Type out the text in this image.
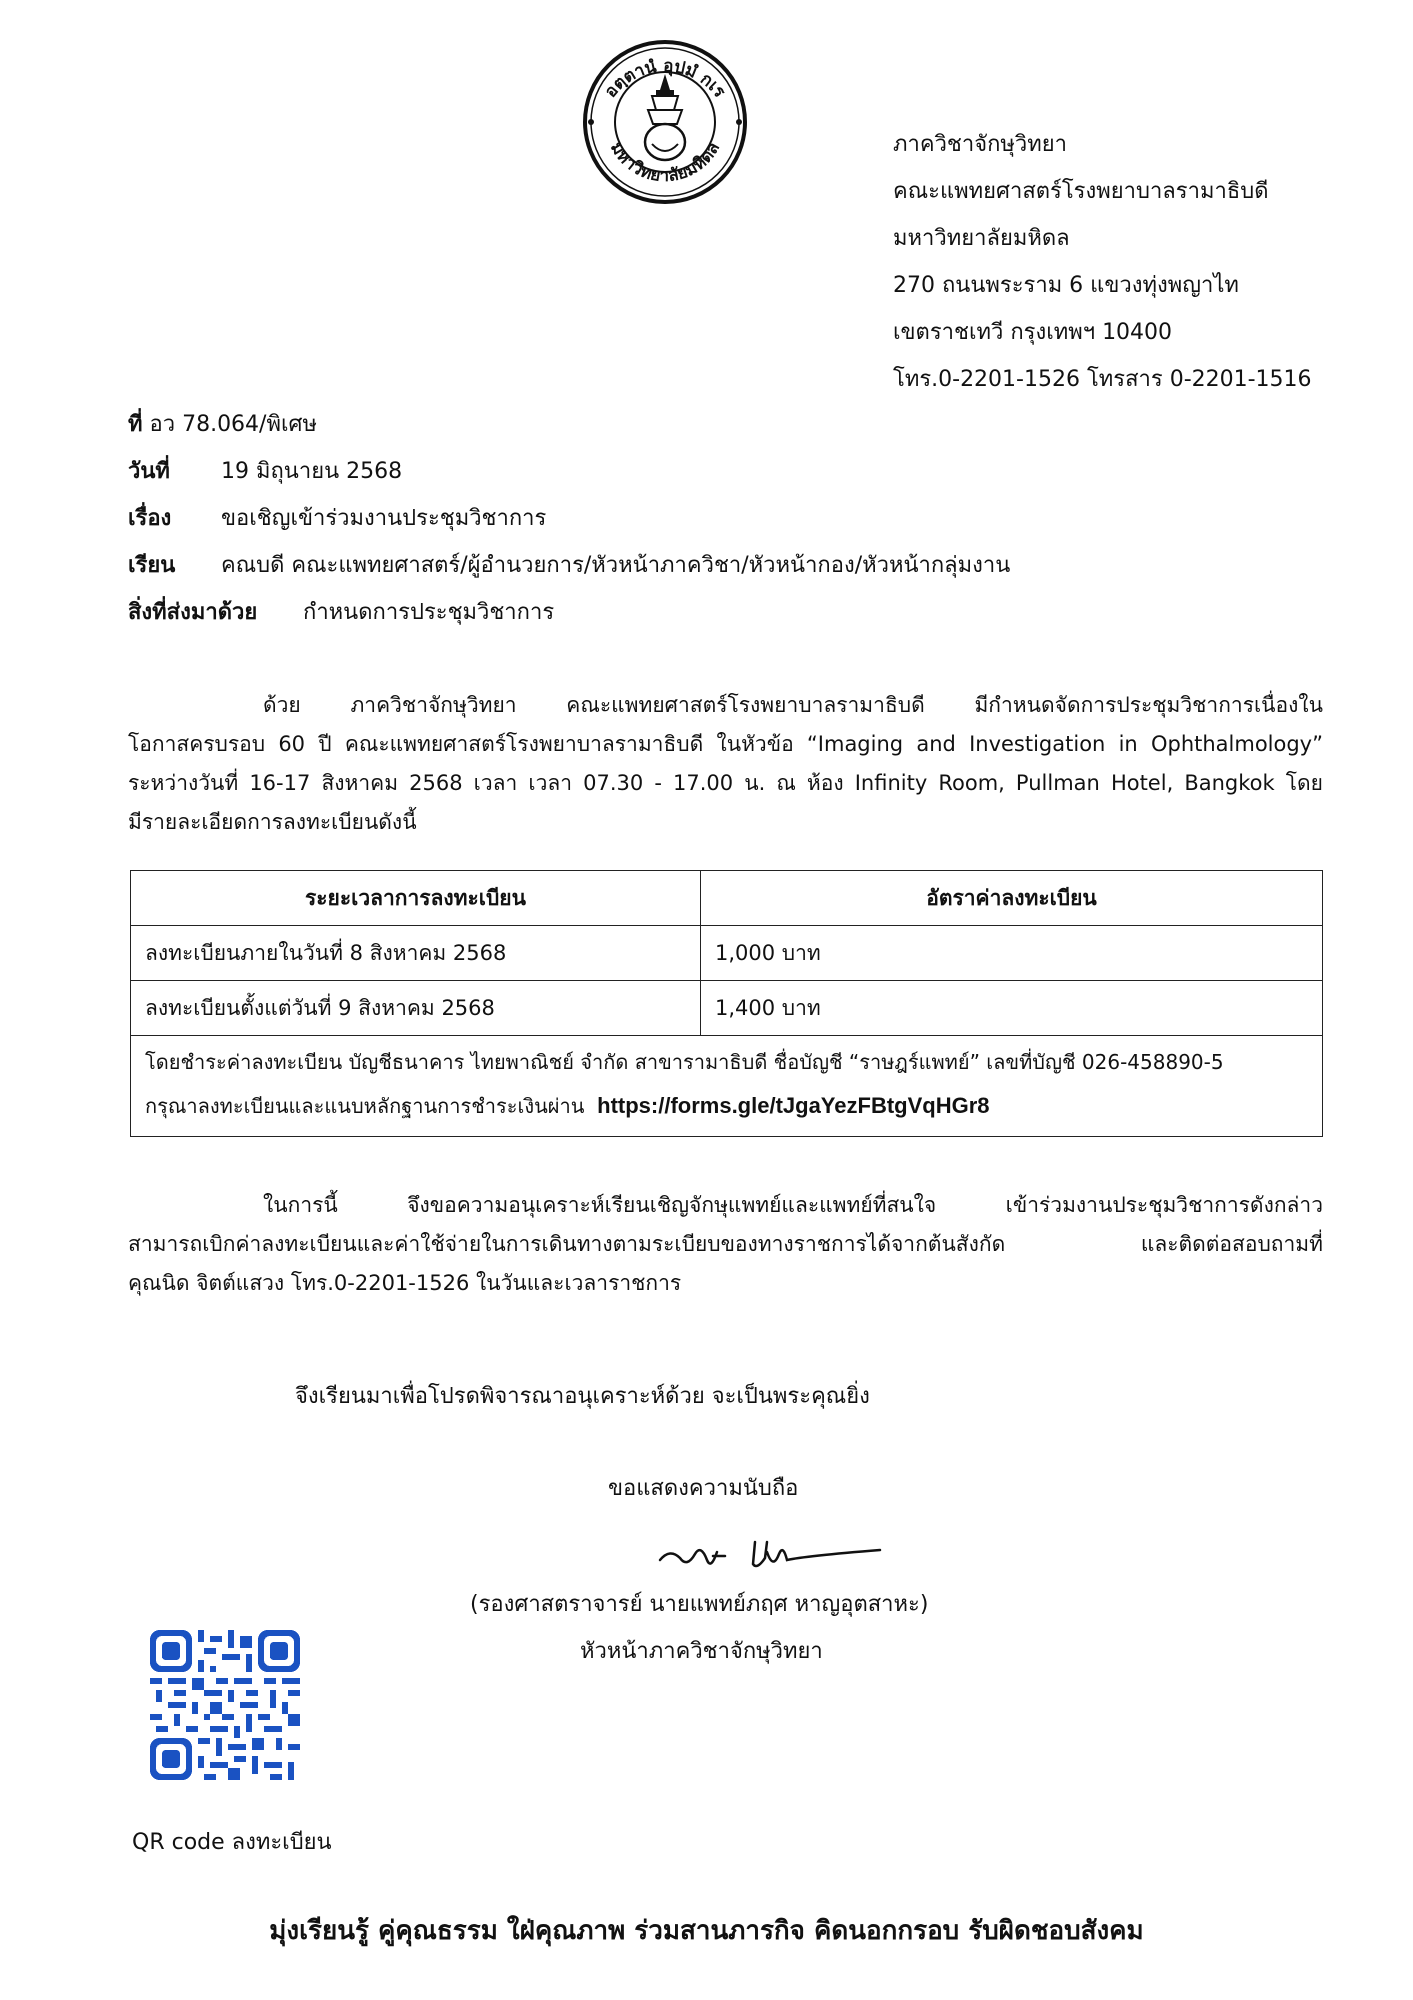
อตฺตานํ อุปมํ กเร
มหาวิทยาลัยมหิดล	ภาควิชาจักษุวิทยา
คณะแพทยศาสตร์โรงพยาบาลรามาธิบดี
มหาวิทยาลัยมหิดล
270 ถนนพระราม 6 แขวงทุ่งพญาไท
เขตราชเทวี กรุงเทพฯ 10400
โทร.0-2201-1526 โทรสาร 0-2201-1516
ที่ อว 78.064/พิเศษ
วันที่ 19 มิถุนายน 2568
เรื่อง ขอเชิญเข้าร่วมงานประชุมวิชาการ
เรียน คณบดี คณะแพทยศาสตร์/ผู้อำนวยการ/หัวหน้าภาควิชา/หัวหน้ากอง/หัวหน้ากลุ่มงาน
สิ่งที่ส่งมาด้วย กำหนดการประชุมวิชาการ
ด้วย ภาควิชาจักษุวิทยา คณะแพทยศาสตร์โรงพยาบาลรามาธิบดี มีกำหนดจัดการประชุมวิชาการเนื่องใน
โอกาสครบรอบ 60 ปี คณะแพทยศาสตร์โรงพยาบาลรามาธิบดี ในหัวข้อ “Imaging and Investigation in Ophthalmology”
ระหว่างวันที่ 16-17 สิงหาคม 2568 เวลา เวลา 07.30 - 17.00 น. ณ ห้อง Infinity Room, Pullman Hotel, Bangkok โดย
มีรายละเอียดการลงทะเบียนดังนี้
ระยะเวลาการลงทะเบียน	อัตราค่าลงทะเบียน
ลงทะเบียนภายในวันที่ 8 สิงหาคม 2568	1,000 บาท
ลงทะเบียนตั้งแต่วันที่ 9 สิงหาคม 2568	1,400 บาท

โดยชำระค่าลงทะเบียน บัญชีธนาคาร ไทยพาณิชย์ จำกัด สาขารามาธิบดี ชื่อบัญชี “ราษฎร์แพทย์” เลขที่บัญชี 026-458890-5
กรุณาลงทะเบียนและแนบหลักฐานการชำระเงินผ่าน https://forms.gle/tJgaYezFBtgVqHGr8	
ในการนี้ จึงขอความอนุเคราะห์เรียนเชิญจักษุแพทย์และแพทย์ที่สนใจ เข้าร่วมงานประชุมวิชาการดังกล่าว
สามารถเบิกค่าลงทะเบียนและค่าใช้จ่ายในการเดินทางตามระเบียบของทางราชการได้จากต้นสังกัด และติดต่อสอบถามที่
คุณนิด จิตต์แสวง โทร.0-2201-1526 ในวันและเวลาราชการ
จึงเรียนมาเพื่อโปรดพิจารณาอนุเคราะห์ด้วย จะเป็นพระคุณยิ่ง
ขอแสดงความนับถือ
(รองศาสตราจารย์ นายแพทย์ภฤศ หาญอุตสาหะ)
หัวหน้าภาควิชาจักษุวิทยา
QR code ลงทะเบียน
มุ่งเรียนรู้ คู่คุณธรรม ใฝ่คุณภาพ ร่วมสานภารกิจ คิดนอกกรอบ รับผิดชอบสังคม
